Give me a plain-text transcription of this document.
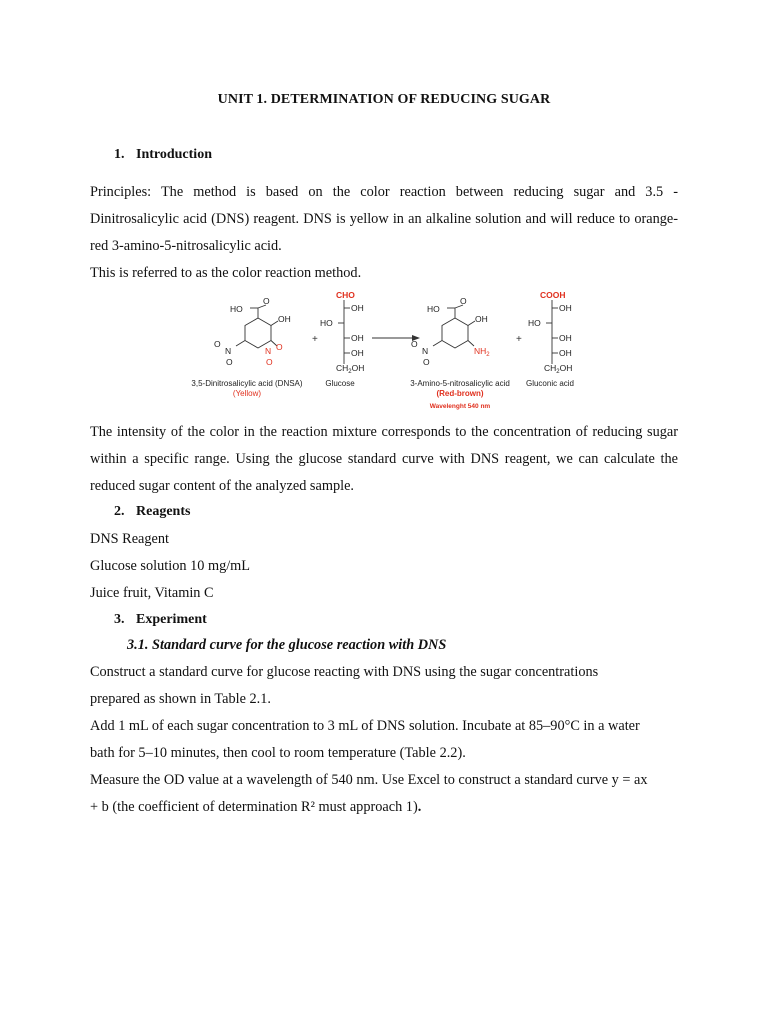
UNIT 1. DETERMINATION OF REDUCING SUGAR
1. Introduction
Principles: The method is based on the color reaction between reducing sugar and 3.5 - Dinitrosalicylic acid (DNS) reagent. DNS is yellow in an alkaline solution and will reduce to orange-red 3-amino-5-nitrosalicylic acid.
This is referred to as the color reaction method.
HO
O
OH
O
N
O
N O
O
CHO
OH
HO
OH
OH
$CH_2OH$
+
HO
O
OH
O
N
O
$NH_2$
+
COOH
OH
HO
OH
OH
$CH_2OH$
3,5-Dinitrosalicylic acid (DNSA)
(Yellow)
Glucose	3-Amino-5-nitrosalicylic acid
(Red-brown)
Wavelenght 540 nm
Gluconic acid
The intensity of the color in the reaction mixture corresponds to the concentration of reducing sugar within a specific range. Using the glucose standard curve with DNS reagent, we can calculate the reduced sugar content of the analyzed sample.
2. Reagents
DNS Reagent
Glucose solution 10 mg/mL
Juice fruit, Vitamin C
3. Experiment
3.1. Standard curve for the glucose reaction with DNS
Construct a standard curve for glucose reacting with DNS using the sugar concentrations
prepared as shown in Table 2.1.
Add 1 mL of each sugar concentration to 3 mL of DNS solution. Incubate at 85–90°C in a water
bath for 5–10 minutes, then cool to room temperature (Table 2.2).
Measure the OD value at a wavelength of 540 nm. Use Excel to construct a standard curve y = ax
+ b (the coefficient of determination R² must approach 1).
